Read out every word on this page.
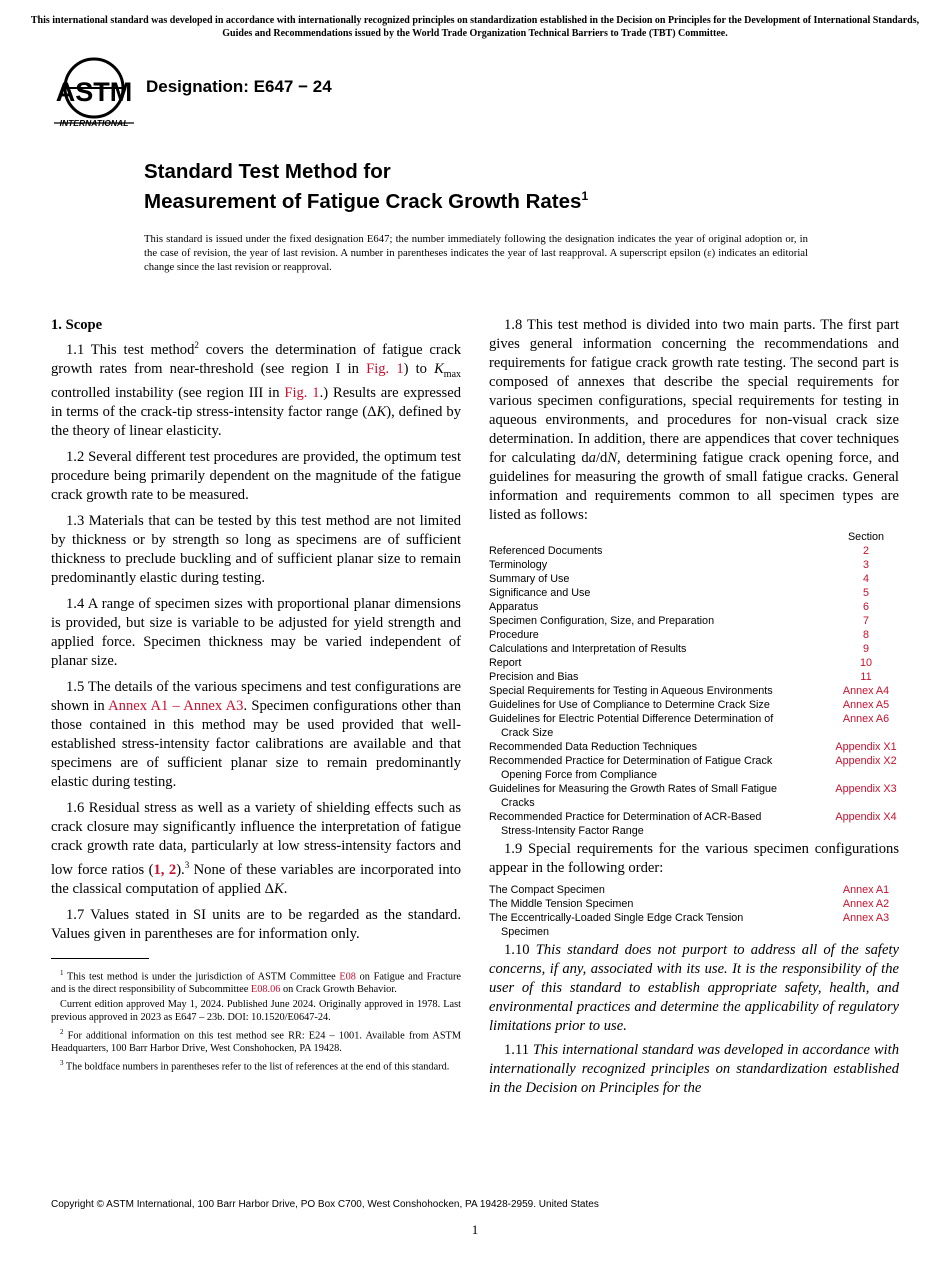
This international standard was developed in accordance with internationally recognized principles on standardization established in the Decision on Principles for the Development of International Standards, Guides and Recommendations issued by the World Trade Organization Technical Barriers to Trade (TBT) Committee.
ASTM
INTERNATIONAL
Designation: E647 − 24
Standard Test Method for
Measurement of Fatigue Crack Growth Rates$^1$
This standard is issued under the fixed designation E647; the number immediately following the designation indicates the year of original adoption or, in the case of revision, the year of last revision. A number in parentheses indicates the year of last reapproval. A superscript epsilon (ε) indicates an editorial change since the last revision or reapproval.
1. Scope

1.1 This test method$^2$ covers the determination of fatigue crack growth rates from near-threshold (see region I in Fig. 1) to $K_{max}$ controlled instability (see region III in Fig. 1.) Results are expressed in terms of the crack-tip stress-intensity factor range (ΔK), defined by the theory of linear elasticity.

1.2 Several different test procedures are provided, the optimum test procedure being primarily dependent on the magnitude of the fatigue crack growth rate to be measured.

1.3 Materials that can be tested by this test method are not limited by thickness or by strength so long as specimens are of sufficient thickness to preclude buckling and of sufficient planar size to remain predominantly elastic during testing.

1.4 A range of specimen sizes with proportional planar dimensions is provided, but size is variable to be adjusted for yield strength and applied force. Specimen thickness may be varied independent of planar size.

1.5 The details of the various specimens and test configurations are shown in Annex A1 – Annex A3. Specimen configurations other than those contained in this method may be used provided that well-established stress-intensity factor calibrations are available and that specimens are of sufficient planar size to remain predominantly elastic during testing.

1.6 Residual stress as well as a variety of shielding effects such as crack closure may significantly influence the interpretation of fatigue crack growth rate data, particularly at low stress-intensity factors and low force ratios (1, 2).$^3$ None of these variables are incorporated into the classical computation of applied ΔK.

1.7 Values stated in SI units are to be regarded as the standard. Values given in parentheses are for information only.

$^1$ This test method is under the jurisdiction of ASTM Committee E08 on Fatigue and Fracture and is the direct responsibility of Subcommittee E08.06 on Crack Growth Behavior.
Current edition approved May 1, 2024. Published June 2024. Originally approved in 1978. Last previous approved in 2023 as E647 – 23b. DOI: 10.1520/E0647-24.
$^2$ For additional information on this test method see RR: E24 – 1001. Available from ASTM Headquarters, 100 Barr Harbor Drive, West Conshohocken, PA 19428.
$^3$ The boldface numbers in parentheses refer to the list of references at the end of this standard.

1.8 This test method is divided into two main parts. The first part gives general information concerning the recommendations and requirements for fatigue crack growth rate testing. The second part is composed of annexes that describe the special requirements for various specimen configurations, special requirements for testing in aqueous environments, and procedures for non-visual crack size determination. In addition, there are appendices that cover techniques for calculating da/dN, determining fatigue crack opening force, and guidelines for measuring the growth of small fatigue cracks. General information and requirements common to all specimen types are listed as follows:

	Section
Referenced Documents	2
Terminology	3
Summary of Use	4
Significance and Use	5
Apparatus	6
Specimen Configuration, Size, and Preparation	7
Procedure	8
Calculations and Interpretation of Results	9
Report	10
Precision and Bias	11
Special Requirements for Testing in Aqueous Environments	Annex A4
Guidelines for Use of Compliance to Determine Crack Size	Annex A5
Guidelines for Electric Potential Difference Determination of
Crack Size	Annex A6
Recommended Data Reduction Techniques	Appendix X1
Recommended Practice for Determination of Fatigue Crack
Opening Force from Compliance	Appendix X2
Guidelines for Measuring the Growth Rates of Small Fatigue
Cracks	Appendix X3
Recommended Practice for Determination of ACR-Based
Stress-Intensity Factor Range	Appendix X4

1.9 Special requirements for the various specimen configurations appear in the following order:

The Compact Specimen	Annex A1
The Middle Tension Specimen	Annex A2
The Eccentrically-Loaded Single Edge Crack Tension
Specimen	Annex A3

1.10 This standard does not purport to address all of the safety concerns, if any, associated with its use. It is the responsibility of the user of this standard to establish appropriate safety, health, and environmental practices and determine the applicability of regulatory limitations prior to use.

1.11 This international standard was developed in accordance with internationally recognized principles on standardization established in the Decision on Principles for the

Copyright © ASTM International, 100 Barr Harbor Drive, PO Box C700, West Conshohocken, PA 19428-2959. United States
1
